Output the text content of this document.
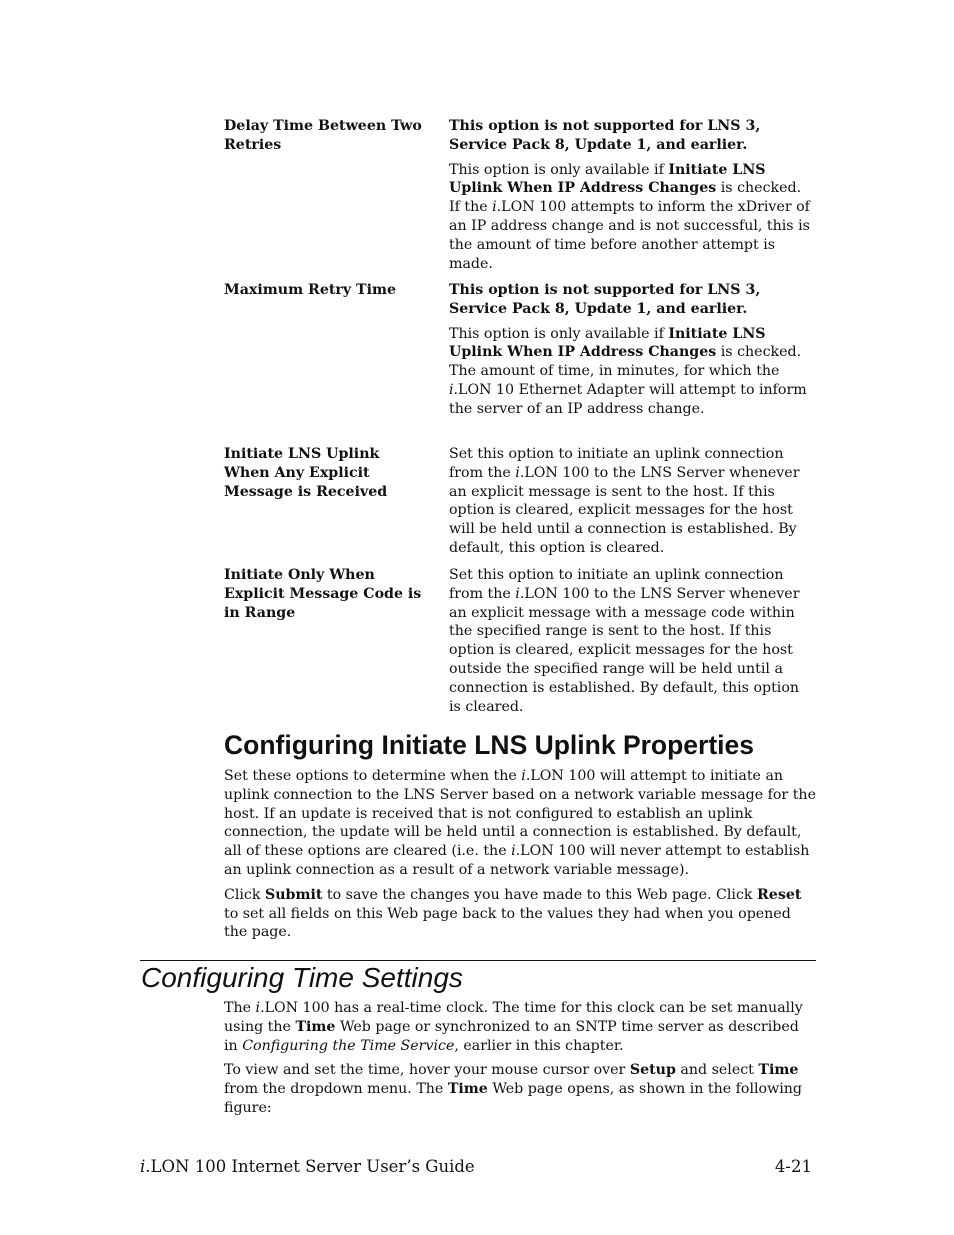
Delay Time Between Two Retries

This option is not supported for LNS 3, Service Pack 8, Update 1, and earlier.

This option is only available if Initiate LNS Uplink When IP Address Changes is checked. If the i.LON 100 attempts to inform the xDriver of an IP address change and is not successful, this is the amount of time before another attempt is made.

Maximum Retry Time	This option is not supported for LNS 3, Service Pack 8, Update 1, and earlier.

This option is only available if Initiate LNS Uplink When IP Address Changes is checked. The amount of time, in minutes, for which the i.LON 10 Ethernet Adapter will attempt to inform the server of an IP address change.

Initiate LNS Uplink When Any Explicit Message is Received

Set this option to initiate an uplink connection from the i.LON 100 to the LNS Server whenever an explicit message is sent to the host. If this option is cleared, explicit messages for the host will be held until a connection is established. By default, this option is cleared.

Initiate Only When Explicit Message Code is in Range

Set this option to initiate an uplink connection from the i.LON 100 to the LNS Server whenever an explicit message with a message code within the specified range is sent to the host. If this option is cleared, explicit messages for the host outside the specified range will be held until a connection is established. By default, this option is cleared.

Configuring Initiate LNS Uplink Properties

Set these options to determine when the i.LON 100 will attempt to initiate an uplink connection to the LNS Server based on a network variable message for the host. If an update is received that is not configured to establish an uplink connection, the update will be held until a connection is established. By default, all of these options are cleared (i.e. the i.LON 100 will never attempt to establish an uplink connection as a result of a network variable message).

Click Submit to save the changes you have made to this Web page. Click Reset to set all fields on this Web page back to the values they had when you opened the page.

Configuring Time Settings

The i.LON 100 has a real-time clock. The time for this clock can be set manually using the Time Web page or synchronized to an SNTP time server as described in Configuring the Time Service, earlier in this chapter.

To view and set the time, hover your mouse cursor over Setup and select Time from the dropdown menu. The Time Web page opens, as shown in the following figure:

i.LON 100 Internet Server User’s Guide	4-21
